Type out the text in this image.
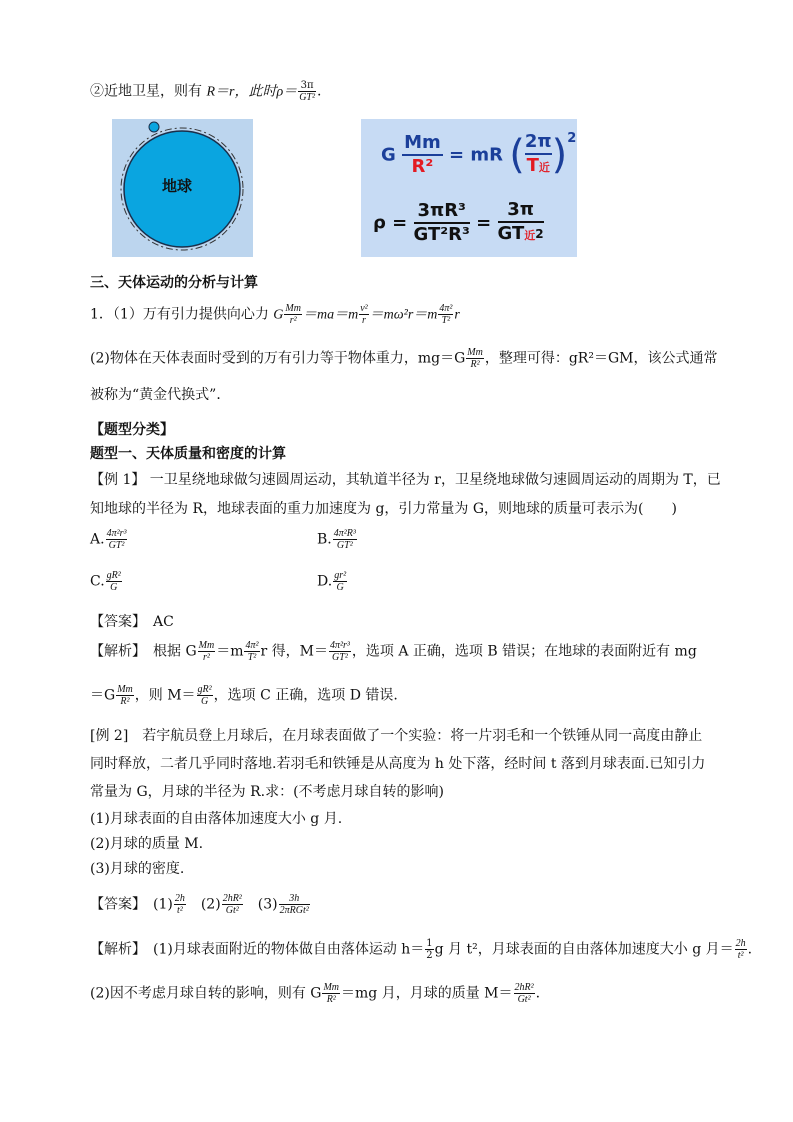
②近地卫星，则有 R＝r，此时$\rho= \frac{3\pi}{\text{GT²}}$ .
地球
G $\frac{Mm}{\text{R²}}$ = mR ( 2π
T近 )$^2$
$\rho = \frac{\text{3πR³}}{\text{GT²R³}}$ =
3π
GT近$^2$
三、天体运动的分析与计算
1．（1）万有引力提供向心力 G $\frac{Mm}{\text{r²}} =ma=m \frac{\text{v²}}{r} =m\omega^2r=m \frac{\text{4π²}}{\text{T²}}$ r
(2)物体在天体表面时受到的万有引力等于物体重力，$mg=G \frac{Mm}{\text{R²}}$ ，整理可得：gR²＝GM，该公式通常
被称为“黄金代换式”．
【题型分类】
题型一、天体质量和密度的计算
【例 1】 一卫星绕地球做匀速圆周运动，其轨道半径为 r，卫星绕地球做匀速圆周运动的周期为 T，已
知地球的半径为 R，地球表面的重力加速度为 g，引力常量为 G，则地球的质量可表示为(　　)
A. $\frac{\text{4π²r³}}{\text{GT²}}$	B. $\frac{\text{4π²R³}}{\text{GT²}}$
C. $\frac{\text{gR²}}{G}$	D. $\frac{\text{gr²}}{G}$
【答案】　 AC
【解析】　 根据 G $\frac{Mm}{\text{r²}} =m \frac{\text{4π²}}{\text{T²}}$ r 得，$M= \frac{\text{4π²r³}}{\text{GT²}}$ ，选项 A 正确，选项 B 错误；在地球的表面附近有 mg
$=G \frac{Mm}{\text{R²}}$ ，则 $M= \frac{\text{gR²}}{G}$ ，选项 C 正确，选项 D 错误.
[例 2]　若宇航员登上月球后，在月球表面做了一个实验：将一片羽毛和一个铁锤从同一高度由静止
同时释放，二者几乎同时落地.若羽毛和铁锤是从高度为 h 处下落，经时间 t 落到月球表面.已知引力
常量为 G，月球的半径为 R.求：(不考虑月球自转的影响)
(1)月球表面的自由落体加速度大小 g 月.
(2)月球的质量 M.
(3)月球的密度.
【答案】　 $(1) \frac{2h}{\text{t²}}$
　 $(2) \frac{\text{2hR²}}{\text{Gt²}}$
　 $(3) \frac{3h}{\text{2πRGt²}}$
【解析】　 (1)月球表面附近的物体做自由落体运动 $h= \frac{1}{2}$ g 月 t²，月球表面的自由落体加速度大小 g 月＝ $\frac{2h}{\text{t²}}$ .
(2)因不考虑月球自转的影响，则有 G $\frac{Mm}{\text{R²}} =mg$ 月，月球的质量 $M= \frac{\text{2hR²}}{\text{Gt²}}$ .
